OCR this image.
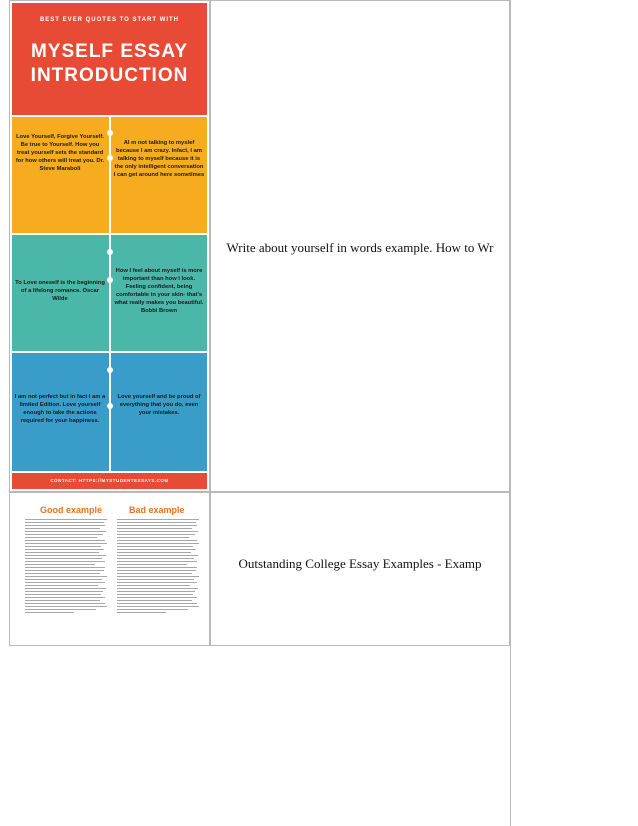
BEST EVER QUOTES TO START WITH
MYSELF ESSAY
INTRODUCTION
Love Yourself, Forgive Yourself. Be true to Yourself. How you treat yourself sets the standard for how others will treat you. Dr. Steve Maraboli
AI m not talking to myslef because I am crazy. Infact, I am talking to myself because it is the only intelligent conversation I can get around here sometimes
To Love oneself is the beginning of a lifelong romance. Oscar Wilde
How I feel about myself is more important than how I look. Feeling confident, being comfortable in your skin- that's what really makes you beautiful. Bobbi Brown
I am not perfect but in fact I am a limited Edition. Love yourself enough to take the actions required for your happiness.
Love yourself and be proud of everything that you do, even your mistakes.
CONTACT: HTTPS://MYSTUDENTESSAYS.COM
Write about yourself in words example. How to Wr
Good example	Bad example
Outstanding College Essay Examples - Examp
